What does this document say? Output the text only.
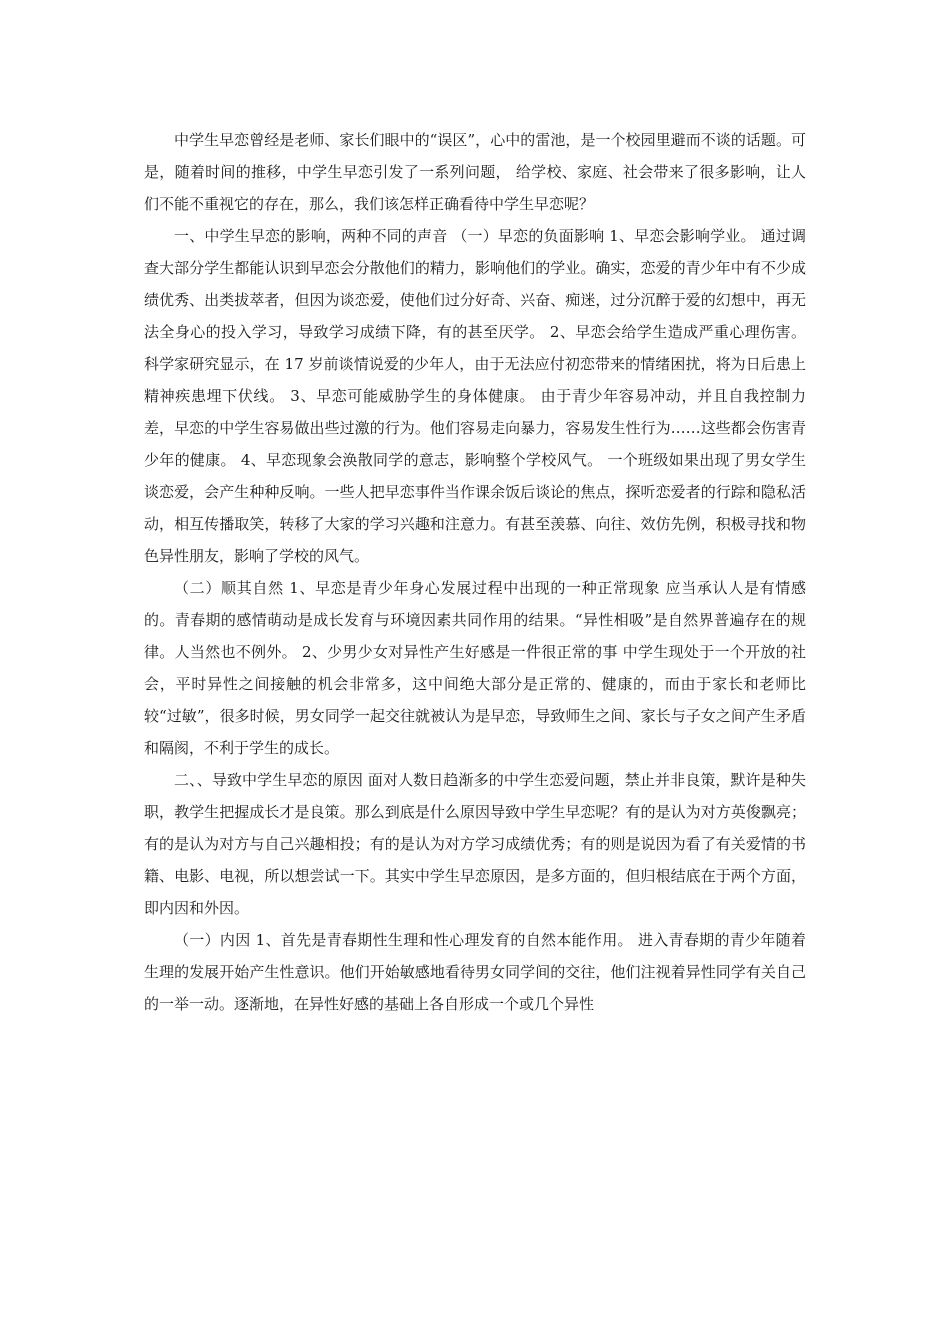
中学生早恋曾经是老师、家长们眼中的“误区”，心中的雷池，是一个校园里避而不谈的话题。可是，随着时间的推移，中学生早恋引发了一系列问题， 给学校、家庭、社会带来了很多影响，让人们不能不重视它的存在，那么，我们该怎样正确看待中学生早恋呢？

一、中学生早恋的影响，两种不同的声音 （一）早恋的负面影响 1、早恋会影响学业。 通过调查大部分学生都能认识到早恋会分散他们的精力，影响他们的学业。确实，恋爱的青少年中有不少成绩优秀、出类拔萃者，但因为谈恋爱，使他们过分好奇、兴奋、痴迷，过分沉醉于爱的幻想中，再无法全身心的投入学习，导致学习成绩下降，有的甚至厌学。 2、早恋会给学生造成严重心理伤害。 科学家研究显示，在 17 岁前谈情说爱的少年人，由于无法应付初恋带来的情绪困扰，将为日后患上精神疾患埋下伏线。 3、早恋可能威胁学生的身体健康。 由于青少年容易冲动，并且自我控制力差，早恋的中学生容易做出些过激的行为。他们容易走向暴力，容易发生性行为……这些都会伤害青少年的健康。 4、早恋现象会涣散同学的意志，影响整个学校风气。 一个班级如果出现了男女学生谈恋爱，会产生种种反响。一些人把早恋事件当作课余饭后谈论的焦点，探听恋爱者的行踪和隐私活动，相互传播取笑，转移了大家的学习兴趣和注意力。有甚至羡慕、向往、效仿先例，积极寻找和物色异性朋友，影响了学校的风气。

（二）顺其自然 1、早恋是青少年身心发展过程中出现的一种正常现象 应当承认人是有情感的。青春期的感情萌动是成长发育与环境因素共同作用的结果。“异性相吸”是自然界普遍存在的规律。人当然也不例外。 2、少男少女对异性产生好感是一件很正常的事 中学生现处于一个开放的社会，平时异性之间接触的机会非常多，这中间绝大部分是正常的、健康的，而由于家长和老师比较“过敏”，很多时候，男女同学一起交往就被认为是早恋，导致师生之间、家长与子女之间产生矛盾和隔阂，不利于学生的成长。

二、、导致中学生早恋的原因 面对人数日趋渐多的中学生恋爱问题，禁止并非良策，默许是种失职，教学生把握成长才是良策。那么到底是什么原因导致中学生早恋呢？有的是认为对方英俊飘亮；有的是认为对方与自己兴趣相投；有的是认为对方学习成绩优秀；有的则是说因为看了有关爱情的书籍、电影、电视，所以想尝试一下。其实中学生早恋原因，是多方面的，但归根结底在于两个方面，即内因和外因。

（一）内因 1、首先是青春期性生理和性心理发育的自然本能作用。 进入青春期的青少年随着生理的发展开始产生性意识。他们开始敏感地看待男女同学间的交往，他们注视着异性同学有关自己的一举一动。逐渐地，在异性好感的基础上各自形成一个或几个异性
